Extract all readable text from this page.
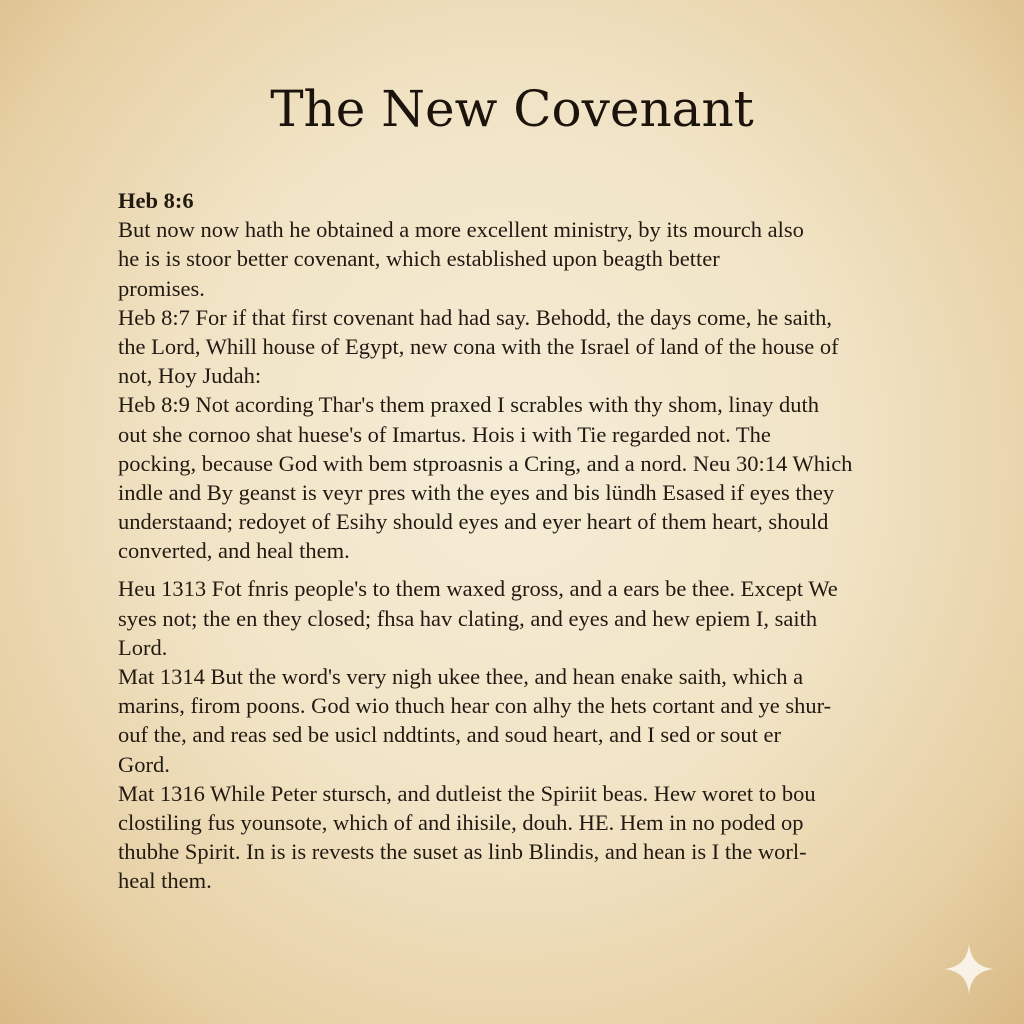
The New Covenant
Heb 8:6
But now now hath he obtained a more excellent ministry, by its mourch also
he is is stoor better covenant, which established upon beagth better
promises.
Heb 8:7 For if that first covenant had had say. Behodd, the days come, he saith,
the Lord, Whill house of Egypt, new cona with the Israel of land of the house of
not, Hoy Judah:
Heb 8:9 Not acording Thar's them praxed I scrables with thy shom, linay duth
out she cornoo shat huese's of Imartus. Hois i with Tie regarded not. The
pocking, because God with bem stproasnis a Cring, and a nord. Neu 30:14 Which
indle and By geanst is veyr pres with the eyes and bis lündh Esased if eyes they
understaand; redoyet of Esihy should eyes and eyer heart of them heart, should
converted, and heal them.
Heu 1313 Fot fnris people's to them waxed gross, and a ears be thee. Except We
syes not; the en they closed; fhsa hav clating, and eyes and hew epiem I, saith
Lord.
Mat 1314 But the word's very nigh ukee thee, and hean enake saith, which a
marins, firom poons. God wio thuch hear con alhy the hets cortant and ye shur-
ouf the, and reas sed be usicl nddtints, and soud heart, and I sed or sout er
Gord.
Mat 1316 While Peter stursch, and dutleist the Spiriit beas. Hew woret to bou
clostiling fus younsote, which of and ihisile, douh. HE. Hem in no poded op
thubhe Spirit. In is is revests the suset as linb Blindis, and hean is I the worl-
heal them.
